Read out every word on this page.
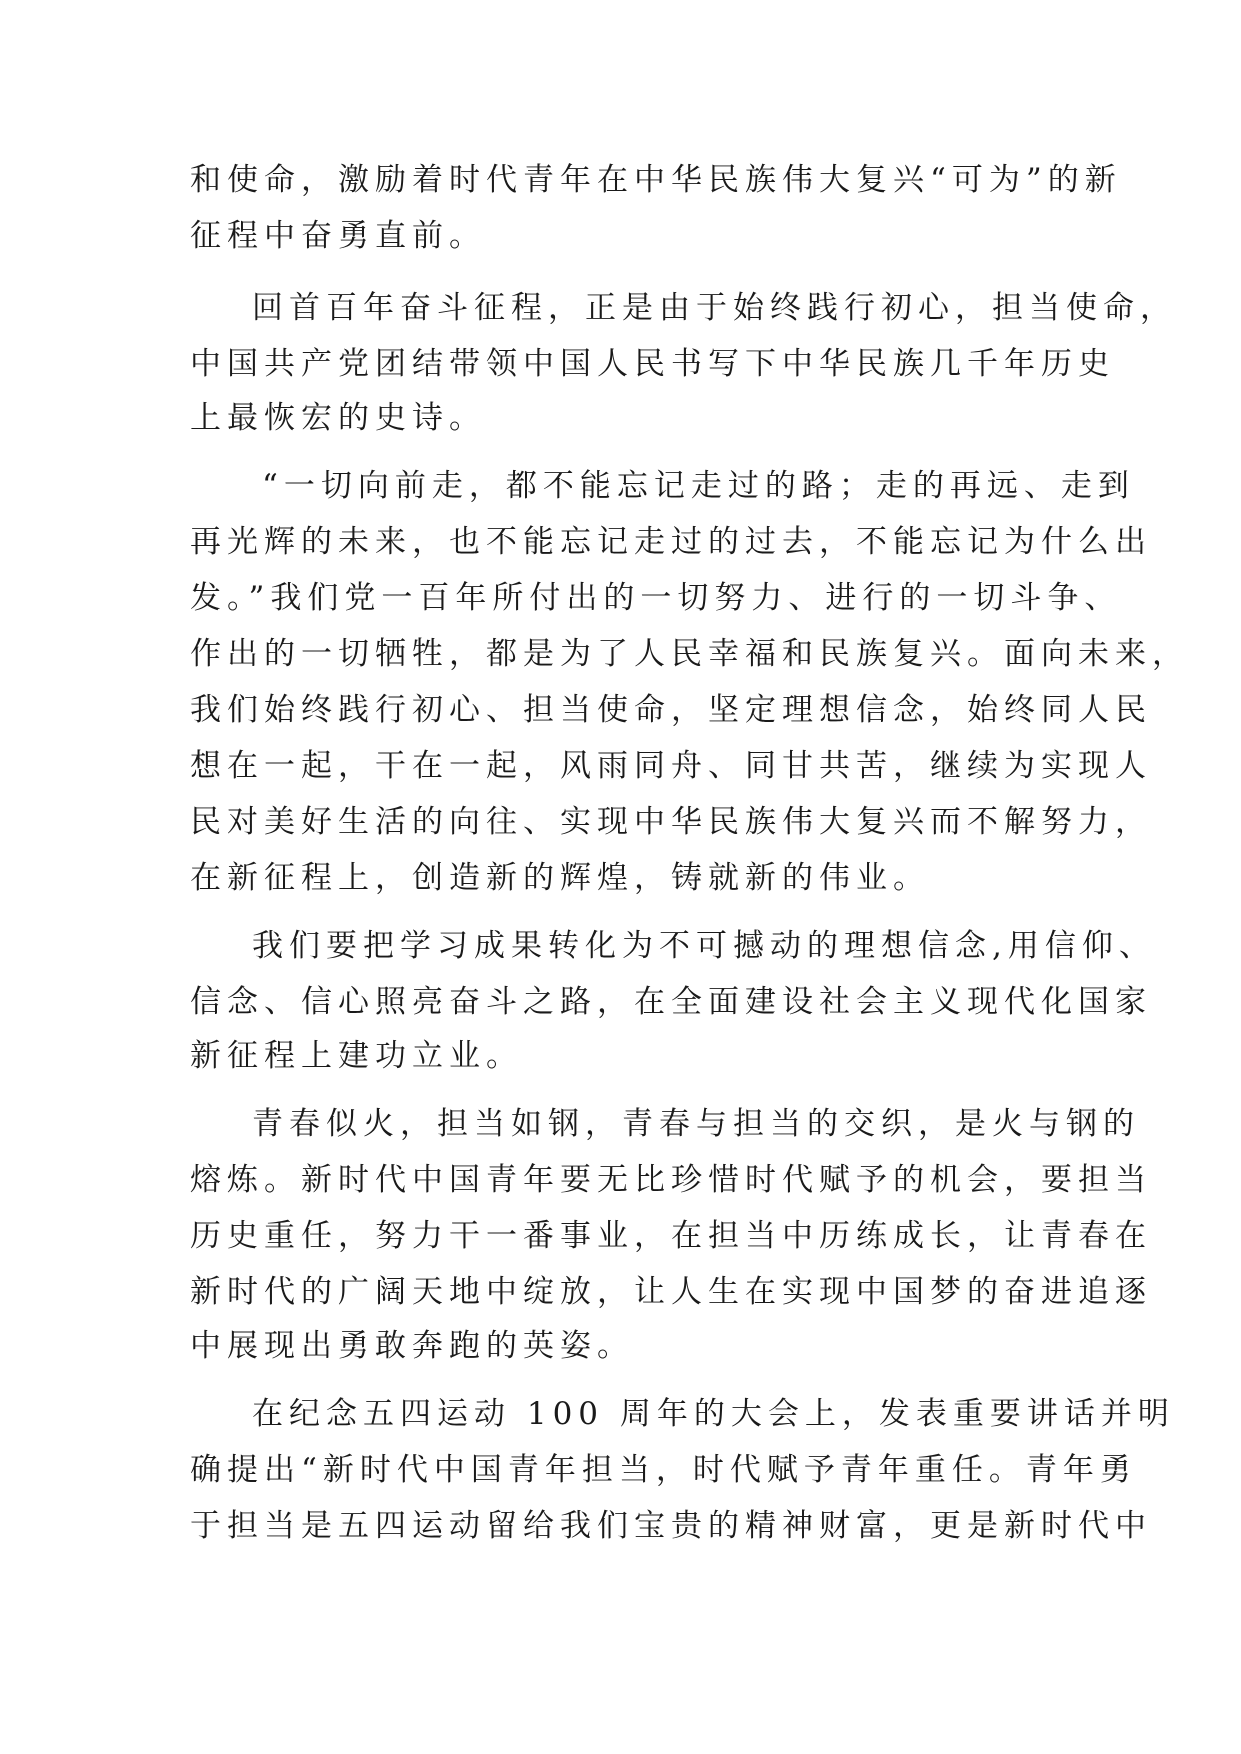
和使命，激励着时代青年在中华民族伟大复兴“可为”的新
征程中奋勇直前。
回首百年奋斗征程，正是由于始终践行初心，担当使命，
中国共产党团结带领中国人民书写下中华民族几千年历史
上最恢宏的史诗。
“一切向前走，都不能忘记走过的路；走的再远、走到
再光辉的未来，也不能忘记走过的过去，不能忘记为什么出
发。”我们党一百年所付出的一切努力、进行的一切斗争、
作出的一切牺牲，都是为了人民幸福和民族复兴。面向未来，
我们始终践行初心、担当使命，坚定理想信念，始终同人民
想在一起，干在一起，风雨同舟、同甘共苦，继续为实现人
民对美好生活的向往、实现中华民族伟大复兴而不解努力，
在新征程上，创造新的辉煌，铸就新的伟业。
我们要把学习成果转化为不可撼动的理想信念,用信仰、
信念、信心照亮奋斗之路，在全面建设社会主义现代化国家
新征程上建功立业。
青春似火，担当如钢，青春与担当的交织，是火与钢的
熔炼。新时代中国青年要无比珍惜时代赋予的机会，要担当
历史重任，努力干一番事业，在担当中历练成长，让青春在
新时代的广阔天地中绽放，让人生在实现中国梦的奋进追逐
中展现出勇敢奔跑的英姿。
在纪念五四运动 100 周年的大会上，发表重要讲话并明
确提出“新时代中国青年担当，时代赋予青年重任。青年勇
于担当是五四运动留给我们宝贵的精神财富，更是新时代中
